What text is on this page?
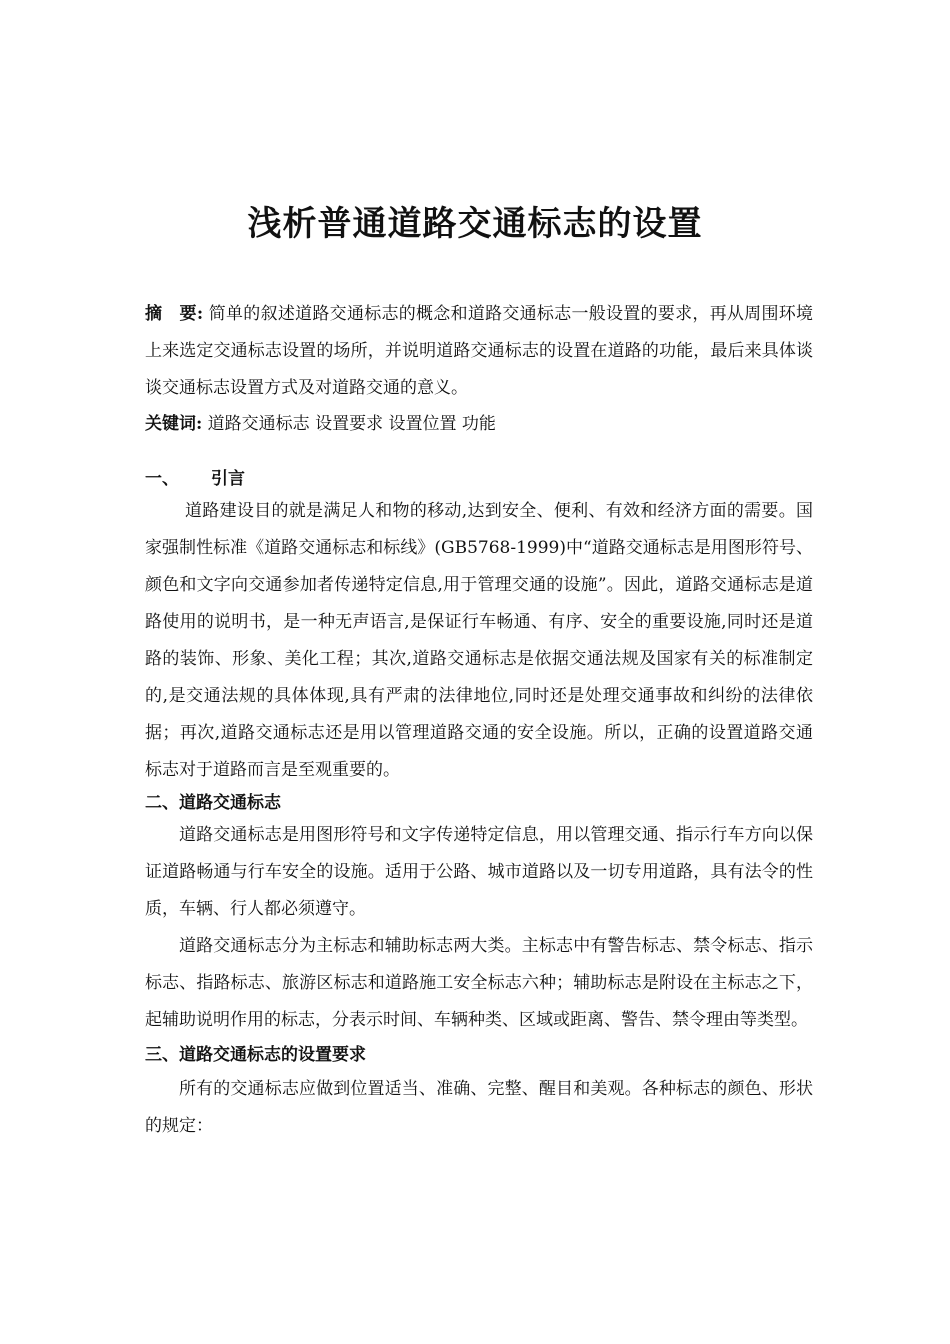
浅析普通道路交通标志的设置

摘　要: 简单的叙述道路交通标志的概念和道路交通标志一般设置的要求，再从周围环境上来选定交通标志设置的场所，并说明道路交通标志的设置在道路的功能，最后来具体谈谈交通标志设置方式及对道路交通的意义。

关键词: 道路交通标志 设置要求 设置位置 功能

一、 引言

道路建设目的就是满足人和物的移动,达到安全、便利、有效和经济方面的需要。国家强制性标准《道路交通标志和标线》(GB5768-1999)中“道路交通标志是用图形符号、颜色和文字向交通参加者传递特定信息,用于管理交通的设施”。因此，道路交通标志是道路使用的说明书，是一种无声语言,是保证行车畅通、有序、安全的重要设施,同时还是道路的装饰、形象、美化工程；其次,道路交通标志是依据交通法规及国家有关的标准制定的,是交通法规的具体体现,具有严肃的法律地位,同时还是处理交通事故和纠纷的法律依据；再次,道路交通标志还是用以管理道路交通的安全设施。所以，正确的设置道路交通标志对于道路而言是至观重要的。

二、道路交通标志

道路交通标志是用图形符号和文字传递特定信息，用以管理交通、指示行车方向以保证道路畅通与行车安全的设施。适用于公路、城市道路以及一切专用道路，具有法令的性质，车辆、行人都必须遵守。

道路交通标志分为主标志和辅助标志两大类。主标志中有警告标志、禁令标志、指示标志、指路标志、旅游区标志和道路施工安全标志六种；辅助标志是附设在主标志之下，起辅助说明作用的标志，分表示时间、车辆种类、区域或距离、警告、禁令理由等类型。

三、道路交通标志的设置要求

所有的交通标志应做到位置适当、准确、完整、醒目和美观。各种标志的颜色、形状的规定：
